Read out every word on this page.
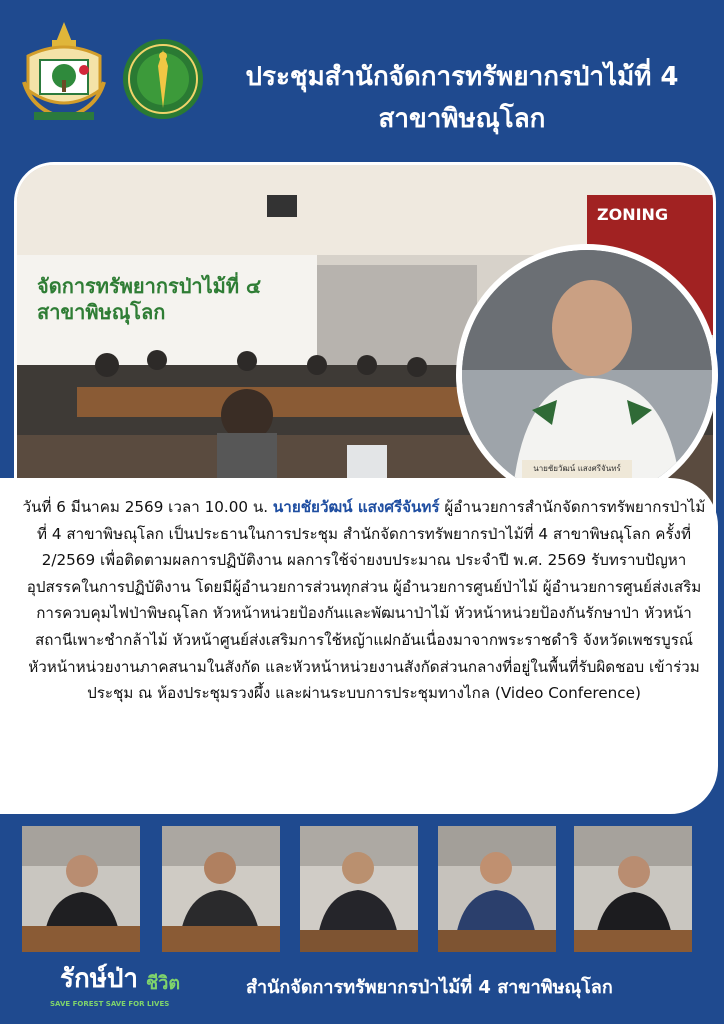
ประชุมสำนักจัดการทรัพยากรป่าไม้ที่ 4
สาขาพิษณุโลก
จัดการทรัพยากรป่าไม้ที่ ๔
สาขาพิษณุโลก
ZONING
นายชัยวัฒน์ แสงศรีจันทร์
วันที่ 6 มีนาคม 2569 เวลา 10.00 น. นายชัยวัฒน์ แสงศรีจันทร์ ผู้อำนวยการสำนักจัดการทรัพยากรป่าไม้ที่ 4 สาขาพิษณุโลก เป็นประธานในการประชุม สำนักจัดการทรัพยากรป่าไม้ที่ 4 สาขาพิษณุโลก ครั้งที่ 2/2569 เพื่อติดตามผลการปฏิบัติงาน ผลการใช้จ่ายงบประมาณ ประจำปี พ.ศ. 2569 รับทราบปัญหาอุปสรรคในการปฏิบัติงาน โดยมีผู้อำนวยการส่วนทุกส่วน ผู้อำนวยการศูนย์ป่าไม้ ผู้อำนวยการศูนย์ส่งเสริมการควบคุมไฟป่าพิษณุโลก หัวหน้าหน่วยป้องกันและพัฒนาป่าไม้ หัวหน้าหน่วยป้องกันรักษาป่า หัวหน้าสถานีเพาะชำกล้าไม้ หัวหน้าศูนย์ส่งเสริมการใช้หญ้าแฝกอันเนื่องมาจากพระราชดำริ จังหวัดเพชรบูรณ์ หัวหน้าหน่วยงานภาคสนามในสังกัด และหัวหน้าหน่วยงานสังกัดส่วนกลางที่อยู่ในพื้นที่รับผิดชอบ เข้าร่วมประชุม ณ ห้องประชุมรวงผึ้ง และผ่านระบบการประชุมทางไกล (Video Conference)
รักษ์ป่า ชีวิต
SAVE FOREST SAVE FOR LIVES
สำนักจัดการทรัพยากรป่าไม้ที่ 4 สาขาพิษณุโลก
